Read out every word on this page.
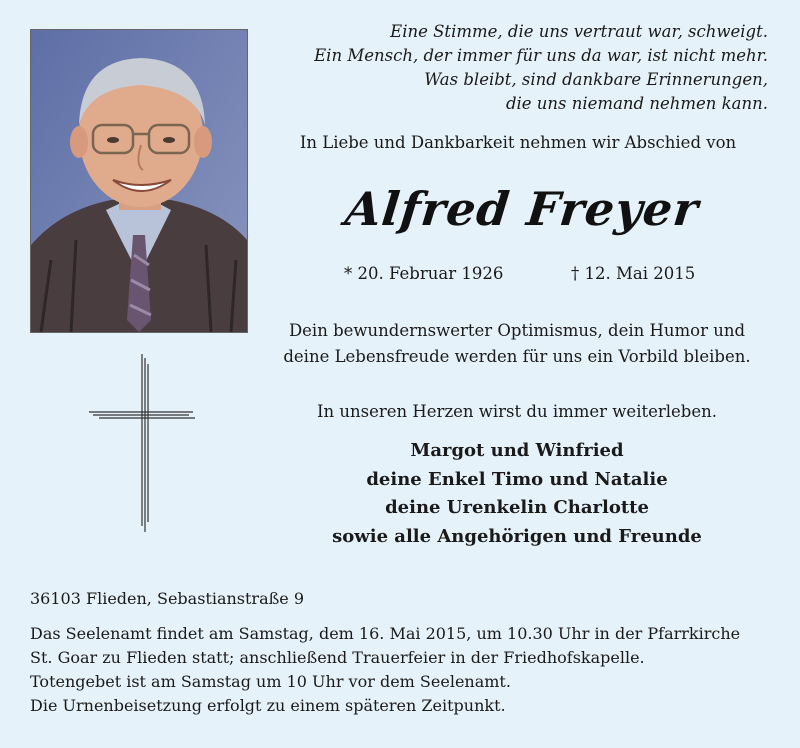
Eine Stimme, die uns vertraut war, schweigt.
Ein Mensch, der immer für uns da war, ist nicht mehr.
Was bleibt, sind dankbare Erinnerungen,
die uns niemand nehmen kann.
In Liebe und Dankbarkeit nehmen wir Abschied von
Alfred Freyer
* 20. Februar 1926	† 12. Mai 2015
Dein bewundernswerter Optimismus, dein Humor und
deine Lebensfreude werden für uns ein Vorbild bleiben.
In unseren Herzen wirst du immer weiterleben.
Margot und Winfried
deine Enkel Timo und Natalie
deine Urenkelin Charlotte
sowie alle Angehörigen und Freunde
36103 Flieden, Sebastianstraße 9
Das Seelenamt findet am Samstag, dem 16. Mai 2015, um 10.30 Uhr in der Pfarrkirche
St. Goar zu Flieden statt; anschließend Trauerfeier in der Friedhofskapelle.
Totengebet ist am Samstag um 10 Uhr vor dem Seelenamt.
Die Urnenbeisetzung erfolgt zu einem späteren Zeitpunkt.
